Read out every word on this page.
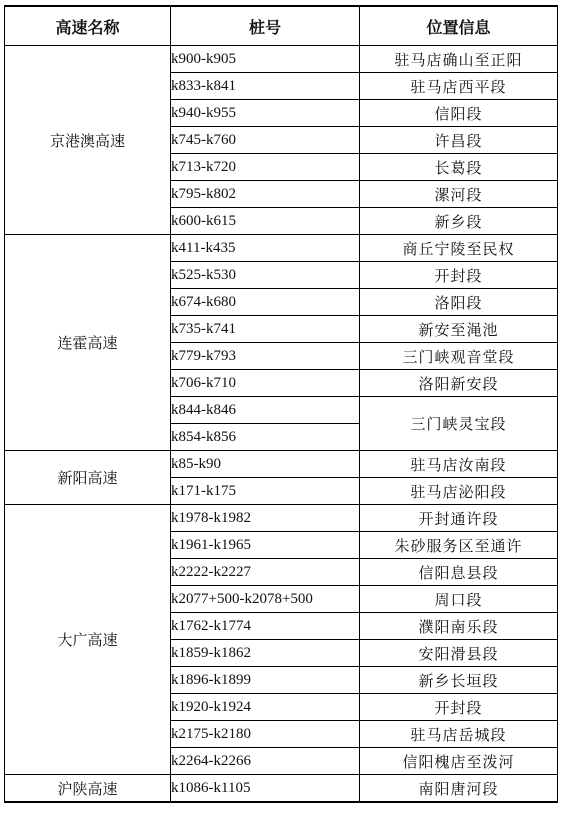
高速名称	桩号	位置信息
京港澳高速	k900-k905	驻马店确山至正阳
	k833-k841	驻马店西平段
	k940-k955	信阳段
	k745-k760	许昌段
	k713-k720	长葛段
	k795-k802	漯河段
	k600-k615	新乡段
连霍高速	k411-k435	商丘宁陵至民权
	k525-k530	开封段
	k674-k680	洛阳段
	k735-k741	新安至渑池
	k779-k793	三门峡观音堂段
	k706-k710	洛阳新安段
	k844-k846	三门峡灵宝段
	k854-k856	
新阳高速	k85-k90	驻马店汝南段
	k171-k175	驻马店泌阳段
大广高速	k1978-k1982	开封通许段
	k1961-k1965	朱砂服务区至通许
	k2222-k2227	信阳息县段
	k2077+500-k2078+500	周口段
	k1762-k1774	濮阳南乐段
	k1859-k1862	安阳滑县段
	k1896-k1899	新乡长垣段
	k1920-k1924	开封段
	k2175-k2180	驻马店岳城段
	k2264-k2266	信阳槐店至泼河
沪陕高速	k1086-k1105	南阳唐河段
